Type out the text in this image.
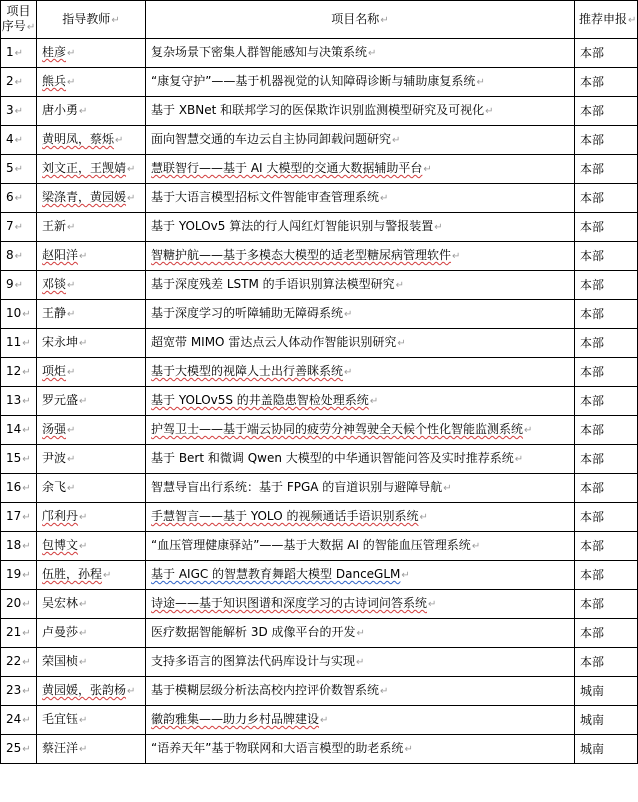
项目
序号↵	指导教师↵	项目名称↵	推荐申报↵
1↵	桂彦↵	复杂场景下密集人群智能感知与决策系统↵	本部
2↵	熊兵↵	“康复守护”——基于机器视觉的认知障碍诊断与辅助康复系统↵	本部
3↵	唐小勇↵	基于 XBNet 和联邦学习的医保欺诈识别监测模型研究及可视化↵	本部
4↵	黄明凤，蔡烁↵	面向智慧交通的车边云自主协同卸载问题研究↵	本部
5↵	刘文正，王觊婧↵	慧联智行——基于 AI 大模型的交通大数据辅助平台↵	本部
6↵	梁涤青，黄园媛↵	基于大语言模型招标文件智能审查管理系统↵	本部
7↵	王新↵	基于 YOLOv5 算法的行人闯红灯智能识别与警报装置↵	本部
8↵	赵阳洋↵	智糖护航——基于多模态大模型的适老型糖尿病管理软件↵	本部
9↵	邓锬↵	基于深度残差 LSTM 的手语识别算法模型研究↵	本部
10↵	王静↵	基于深度学习的听障辅助无障碍系统↵	本部
11↵	宋永坤↵	超宽带 MIMO 雷达点云人体动作智能识别研究↵	本部
12↵	项炬↵	基于大模型的视障人士出行善眯系统↵	本部
13↵	罗元盛↵	基于 YOLOv5S 的井盖隐患智检处理系统↵	本部
14↵	汤强↵	护驾卫士——基于端云协同的疲劳分神驾驶全天候个性化智能监测系统↵	本部
15↵	尹波↵	基于 Bert 和微调 Qwen 大模型的中华通识智能问答及实时推荐系统↵	本部
16↵	余飞↵	智慧导盲出行系统：基于 FPGA 的盲道识别与避障导航↵	本部
17↵	邝利丹↵	手慧智言——基于 YOLO 的视频通话手语识别系统↵	本部
18↵	包博文↵	“血压管理健康驿站”——基于大数据 AI 的智能血压管理系统↵	本部
19↵	伍胜，孙程↵	基于 AIGC 的智慧教育舞蹈大模型 DanceGLM↵	本部
20↵	吴宏林↵	诗途——基于知识图谱和深度学习的古诗词问答系统↵	本部
21↵	卢曼莎↵	医疗数据智能解析 3D 成像平台的开发↵	本部
22↵	荣国桢↵	支持多语言的图算法代码库设计与实现↵	本部
23↵	黄园媛，张韵杨↵	基于模糊层级分析法高校内控评价数智系统↵	城南
24↵	毛宜钰↵	徽韵雅集——助力乡村品牌建设↵	城南
25↵	蔡汪洋↵	“语养天年”基于物联网和大语言模型的助老系统↵	城南
